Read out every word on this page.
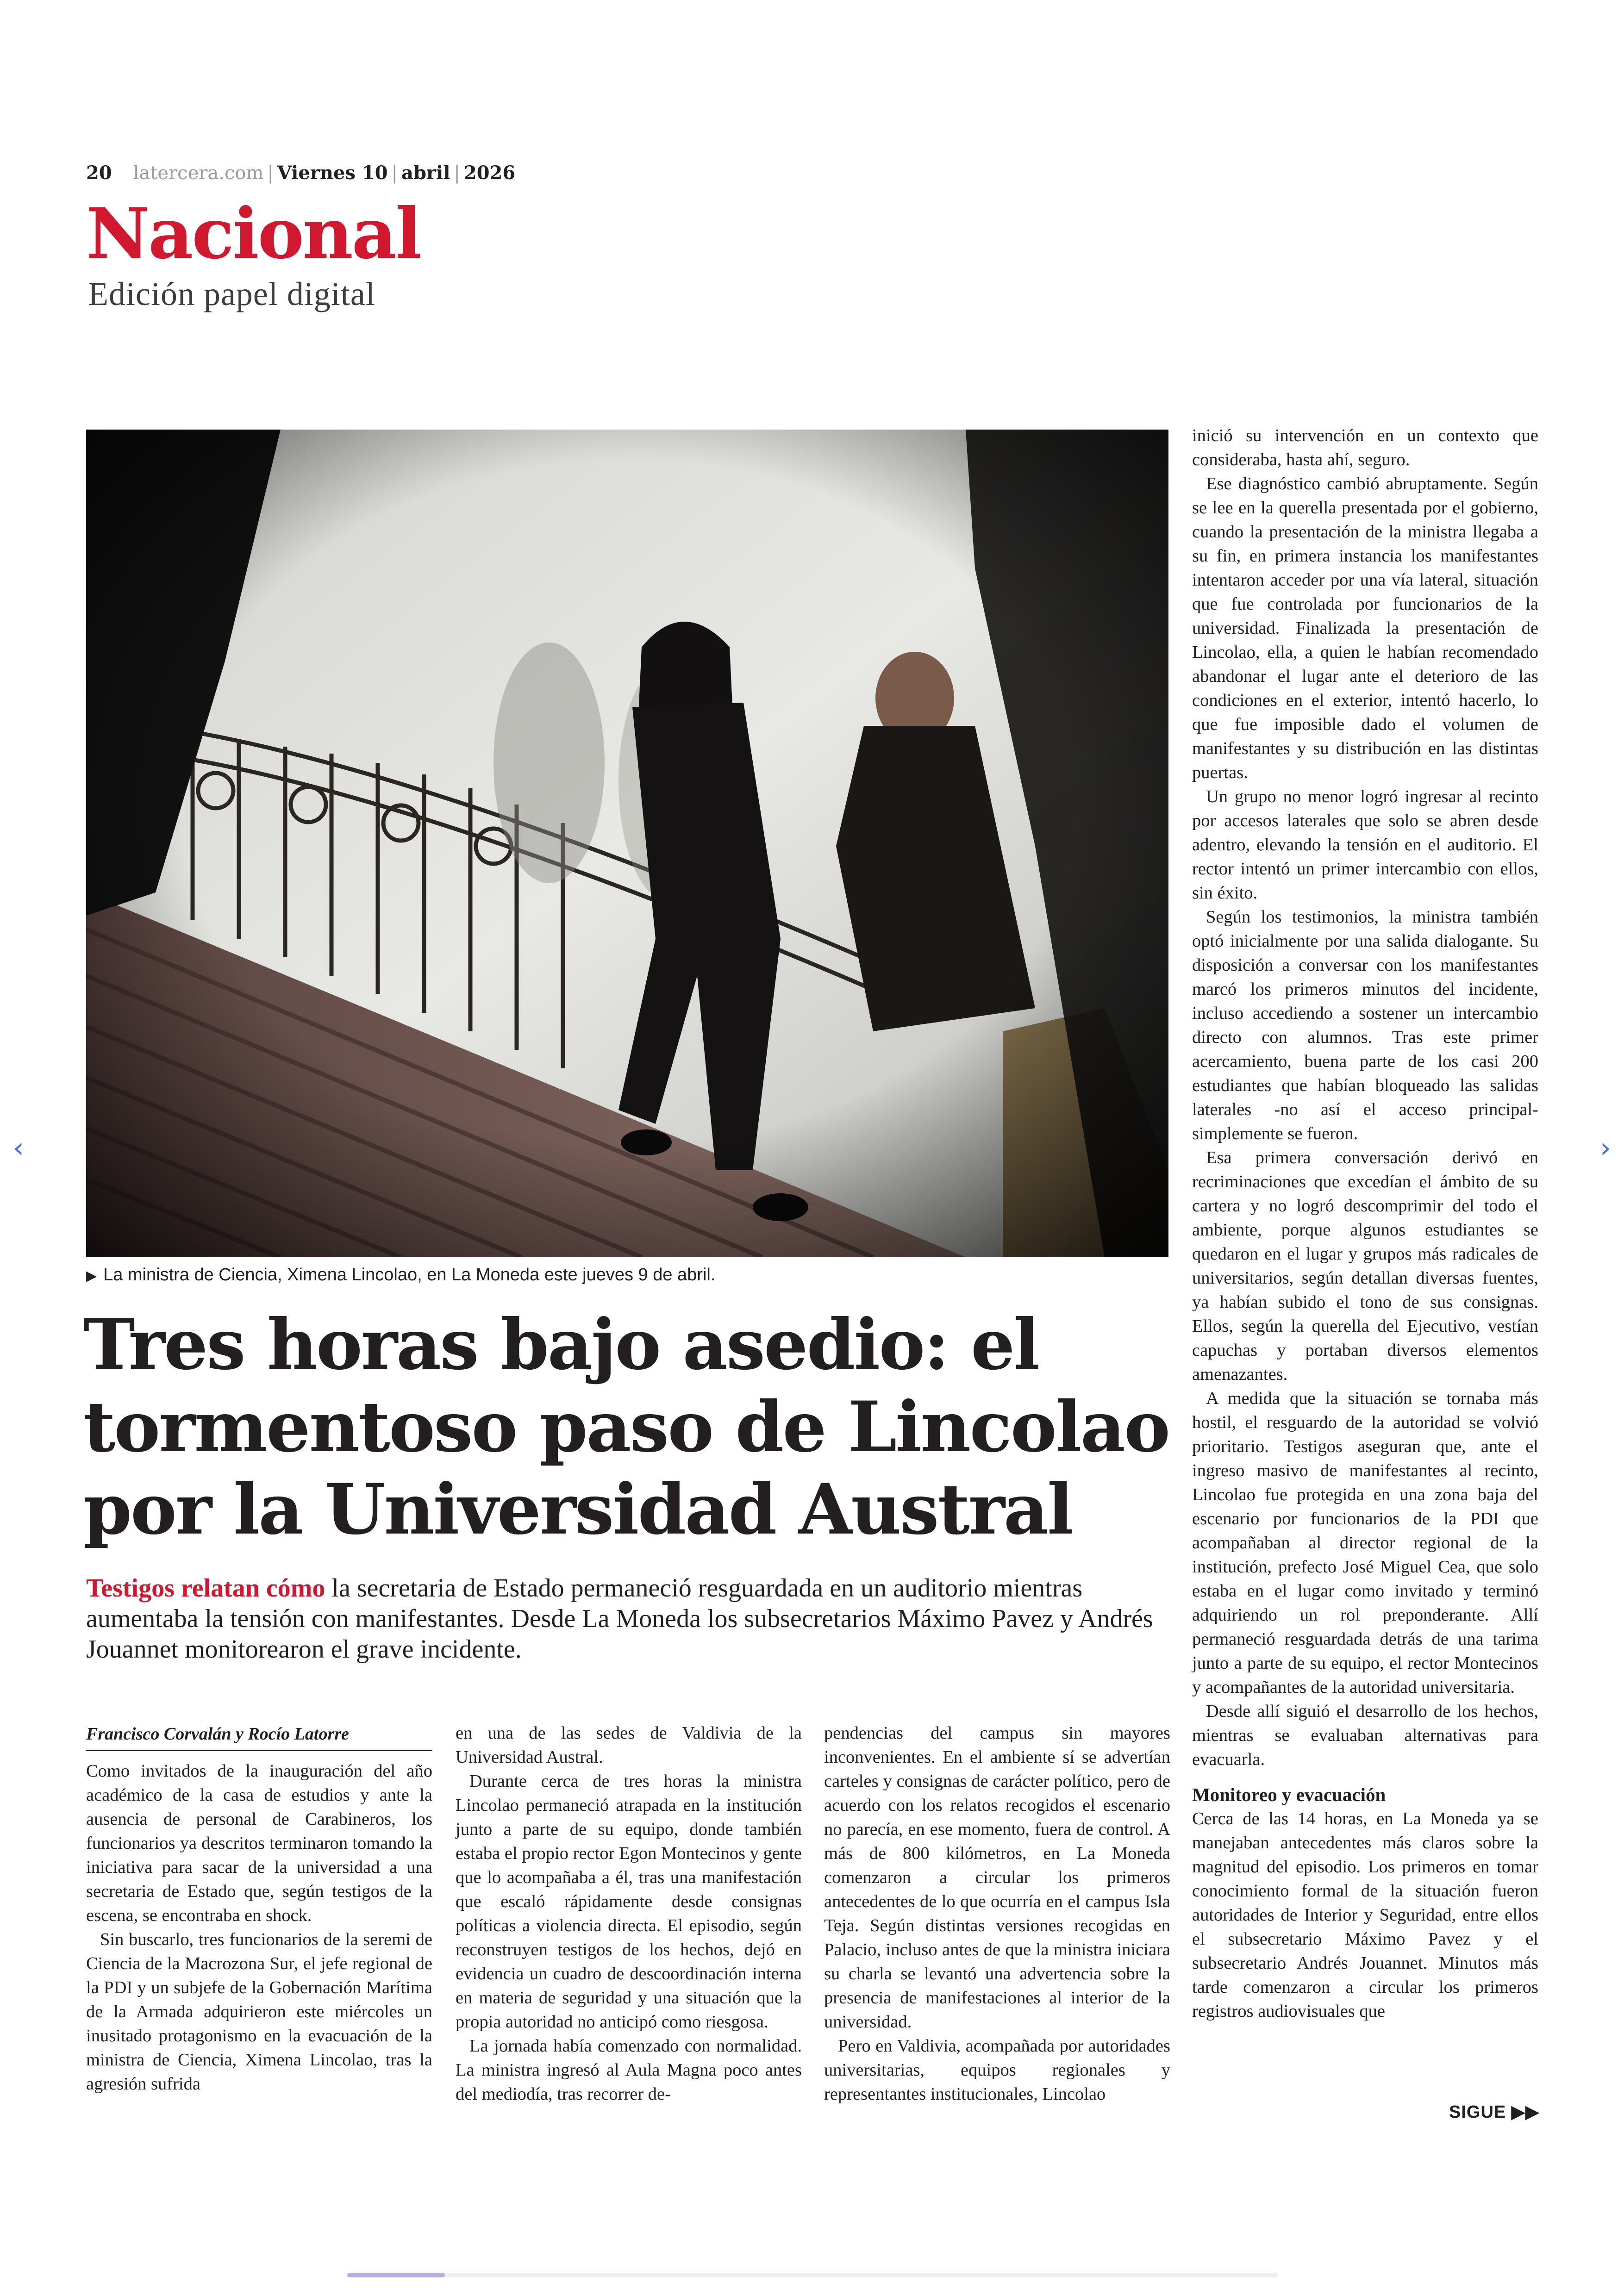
20 latercera.com | Viernes 10 | abril | 2026
Nacional
Edición papel digital
▶ La ministra de Ciencia, Ximena Lincolao, en La Moneda este jueves 9 de abril.
Tres horas bajo asedio: el
tormentoso paso de Lincolao
por la Universidad Austral
Testigos relatan cómo la secretaria de Estado permaneció resguardada en un auditorio mientras aumentaba la tensión con manifestantes. Desde La Moneda los subsecretarios Máximo Pavez y Andrés Jouannet monitorearon el grave incidente.
Francisco Corvalán y Rocío Latorre

Como invitados de la inauguración del año académico de la casa de estudios y ante la ausencia de personal de Carabineros, los funcionarios ya descritos terminaron tomando la iniciativa para sacar de la universidad a una secretaria de Estado que, según testigos de la escena, se encontraba en shock.

Sin buscarlo, tres funcionarios de la seremi de Ciencia de la Macrozona Sur, el jefe regional de la PDI y un subjefe de la Gobernación Marítima de la Armada adquirieron este miércoles un inusitado protagonismo en la evacuación de la ministra de Ciencia, Ximena Lincolao, tras la agresión sufrida

en una de las sedes de Valdivia de la Universidad Austral.

Durante cerca de tres horas la ministra Lincolao permaneció atrapada en la institución junto a parte de su equipo, donde también estaba el propio rector Egon Montecinos y gente que lo acompañaba a él, tras una manifestación que escaló rápidamente desde consignas políticas a violencia directa. El episodio, según reconstruyen testigos de los hechos, dejó en evidencia un cuadro de descoordinación interna en materia de seguridad y una situación que la propia autoridad no anticipó como riesgosa.

La jornada había comenzado con normalidad. La ministra ingresó al Aula Magna poco antes del mediodía, tras recorrer de-

pendencias del campus sin mayores inconvenientes. En el ambiente sí se advertían carteles y consignas de carácter político, pero de acuerdo con los relatos recogidos el escenario no parecía, en ese momento, fuera de control. A más de 800 kilómetros, en La Moneda comenzaron a circular los primeros antecedentes de lo que ocurría en el campus Isla Teja. Según distintas versiones recogidas en Palacio, incluso antes de que la ministra iniciara su charla se levantó una advertencia sobre la presencia de manifestaciones al interior de la universidad.

Pero en Valdivia, acompañada por autoridades universitarias, equipos regionales y representantes institucionales, Lincolao

inició su intervención en un contexto que consideraba, hasta ahí, seguro.

Ese diagnóstico cambió abruptamente. Según se lee en la querella presentada por el gobierno, cuando la presentación de la ministra llegaba a su fin, en primera instancia los manifestantes intentaron acceder por una vía lateral, situación que fue controlada por funcionarios de la universidad. Finalizada la presentación de Lincolao, ella, a quien le habían recomendado abandonar el lugar ante el deterioro de las condiciones en el exterior, intentó hacerlo, lo que fue imposible dado el volumen de manifestantes y su distribución en las distintas puertas.

Un grupo no menor logró ingresar al recinto por accesos laterales que solo se abren desde adentro, elevando la tensión en el auditorio. El rector intentó un primer intercambio con ellos, sin éxito.

Según los testimonios, la ministra también optó inicialmente por una salida dialogante. Su disposición a conversar con los manifestantes marcó los primeros minutos del incidente, incluso accediendo a sostener un intercambio directo con alumnos. Tras este primer acercamiento, buena parte de los casi 200 estudiantes que habían bloqueado las salidas laterales -no así el acceso principal- simplemente se fueron.

Esa primera conversación derivó en recriminaciones que excedían el ámbito de su cartera y no logró descomprimir del todo el ambiente, porque algunos estudiantes se quedaron en el lugar y grupos más radicales de universitarios, según detallan diversas fuentes, ya habían subido el tono de sus consignas. Ellos, según la querella del Ejecutivo, vestían capuchas y portaban diversos elementos amenazantes.

A medida que la situación se tornaba más hostil, el resguardo de la autoridad se volvió prioritario. Testigos aseguran que, ante el ingreso masivo de manifestantes al recinto, Lincolao fue protegida en una zona baja del escenario por funcionarios de la PDI que acompañaban al director regional de la institución, prefecto José Miguel Cea, que solo estaba en el lugar como invitado y terminó adquiriendo un rol preponderante. Allí permaneció resguardada detrás de una tarima junto a parte de su equipo, el rector Montecinos y acompañantes de la autoridad universitaria.

Desde allí siguió el desarrollo de los hechos, mientras se evaluaban alternativas para evacuarla.

Monitoreo y evacuación

Cerca de las 14 horas, en La Moneda ya se manejaban antecedentes más claros sobre la magnitud del episodio. Los primeros en tomar conocimiento formal de la situación fueron autoridades de Interior y Seguridad, entre ellos el subsecretario Máximo Pavez y el subsecretario Andrés Jouannet. Minutos más tarde comenzaron a circular los primeros registros audiovisuales que

SIGUE ▶▶
‹	›
